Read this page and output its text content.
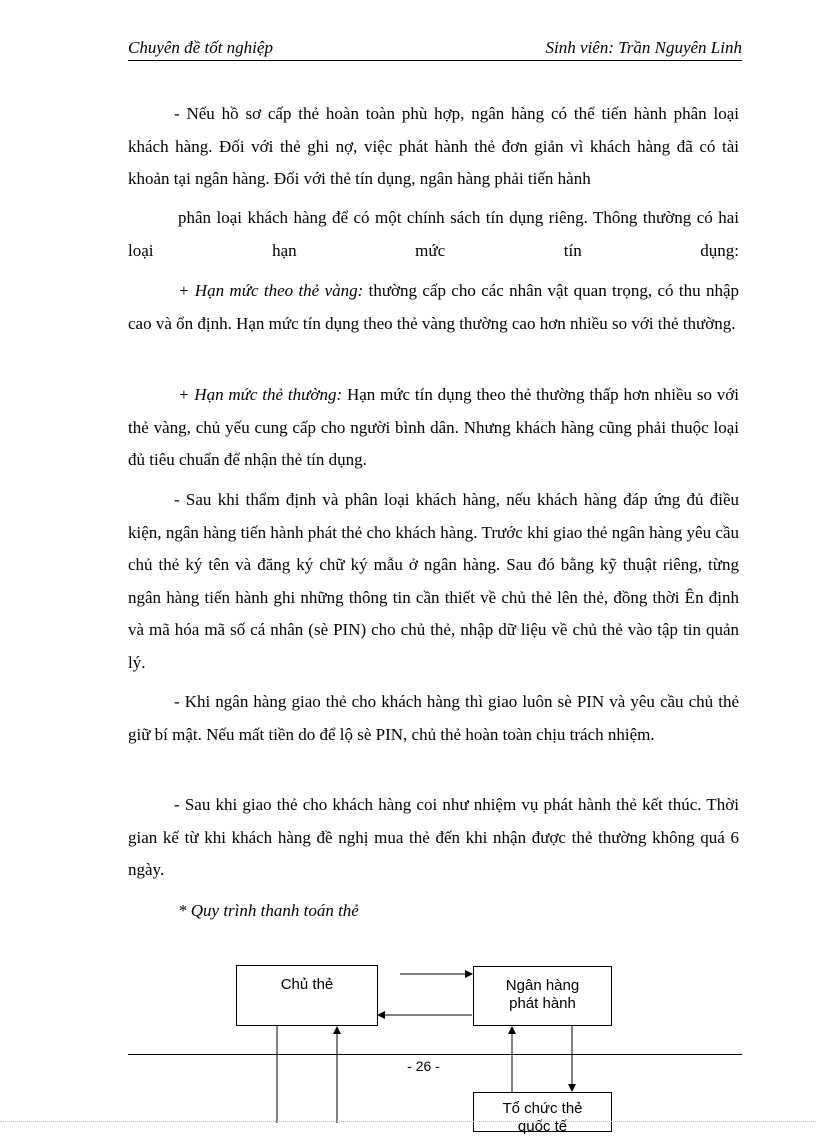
Chuyên đề tốt nghiệp	Sinh viên: Trần Nguyên Linh

- Nếu hồ sơ cấp thẻ hoàn toàn phù hợp, ngân hàng có thể tiến hành phân loại khách hàng. Đối với thẻ ghi nợ, việc phát hành thẻ đơn giản vì khách hàng đã có tài khoản tại ngân hàng. Đối với thẻ tín dụng, ngân hàng phải tiến hành

phân loại khách hàng để có một chính sách tín dụng riêng. Thông thường có hai loại hạn mức tín dụng:

+ Hạn mức theo thẻ vàng: thường cấp cho các nhân vật quan trọng, có thu nhập cao và ổn định. Hạn mức tín dụng theo thẻ vàng thường cao hơn nhiều so với thẻ thường.

+ Hạn mức thẻ thường: Hạn mức tín dụng theo thẻ thường thấp hơn nhiều so với thẻ vàng, chủ yếu cung cấp cho người bình dân. Nhưng khách hàng cũng phải thuộc loại đủ tiêu chuẩn để nhận thẻ tín dụng.

- Sau khi thẩm định và phân loại khách hàng, nếu khách hàng đáp ứng đủ điều kiện, ngân hàng tiến hành phát thẻ cho khách hàng. Trước khi giao thẻ ngân hàng yêu cầu chủ thẻ ký tên và đăng ký chữ ký mẫu ở ngân hàng. Sau đó bằng kỹ thuật riêng, từng ngân hàng tiến hành ghi những thông tin cần thiết về chủ thẻ lên thẻ, đồng thời Ên định và mã hóa mã số cá nhân (sè PIN) cho chủ thẻ, nhập dữ liệu về chủ thẻ vào tập tin quản lý.

- Khi ngân hàng giao thẻ cho khách hàng thì giao luôn sè PIN và yêu cầu chủ thẻ giữ bí mật. Nếu mất tiền do để lộ sè PIN, chủ thẻ hoàn toàn chịu trách nhiệm.

- Sau khi giao thẻ cho khách hàng coi như nhiệm vụ phát hành thẻ kết thúc. Thời gian kể từ khi khách hàng đề nghị mua thẻ đến khi nhận được thẻ thường không quá 6 ngày.

* Quy trình thanh toán thẻ

Chủ thẻ	Ngân hàng
phát hành
- 26 -
Tổ chức thẻ
quốc tế
